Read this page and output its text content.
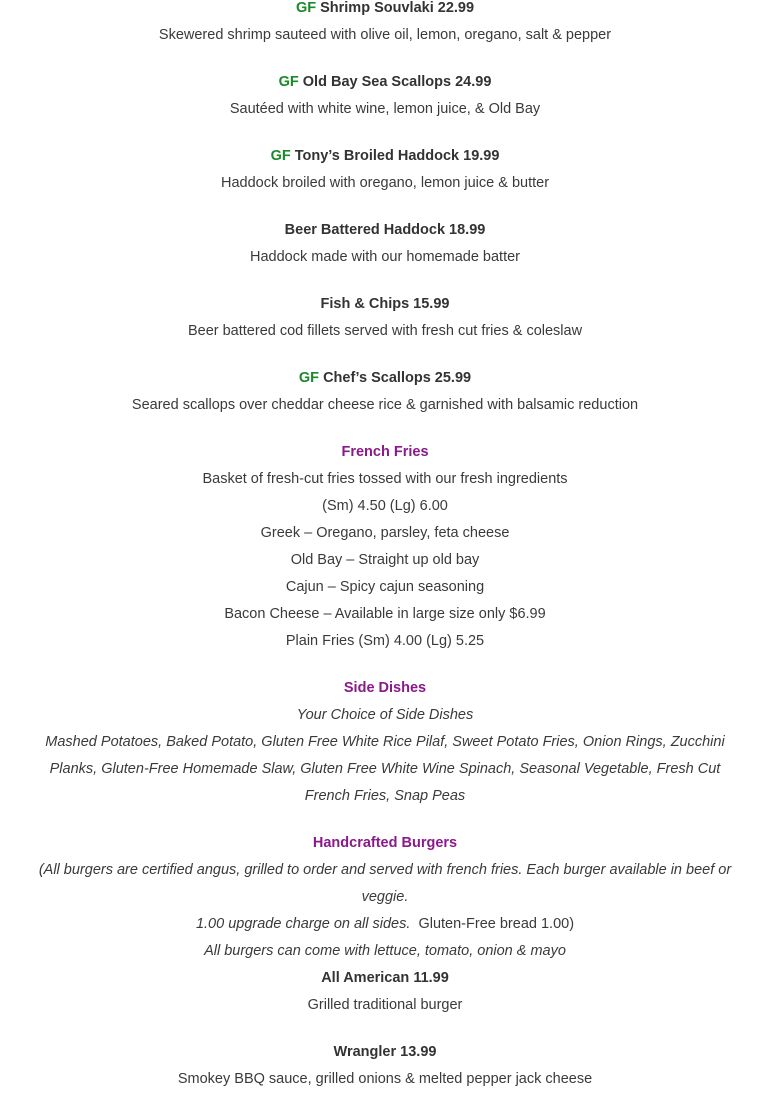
GF Shrimp Souvlaki 22.99
Skewered shrimp sauteed with olive oil, lemon, oregano, salt & pepper
GF Old Bay Sea Scallops 24.99
Sautéed with white wine, lemon juice, & Old Bay
GF Tony’s Broiled Haddock 19.99
Haddock broiled with oregano, lemon juice & butter
Beer Battered Haddock 18.99
Haddock made with our homemade batter
Fish & Chips 15.99
Beer battered cod fillets served with fresh cut fries & coleslaw
GF Chef’s Scallops 25.99
Seared scallops over cheddar cheese rice & garnished with balsamic reduction
French Fries
Basket of fresh-cut fries tossed with our fresh ingredients
(Sm) 4.50 (Lg) 6.00
Greek – Oregano, parsley, feta cheese
Old Bay – Straight up old bay
Cajun – Spicy cajun seasoning
Bacon Cheese – Available in large size only $6.99
Plain Fries (Sm) 4.00 (Lg) 5.25
Side Dishes
Your Choice of Side Dishes
Mashed Potatoes, Baked Potato, Gluten Free White Rice Pilaf, Sweet Potato Fries, Onion Rings, Zucchini Planks, Gluten-Free Homemade Slaw, Gluten Free White Wine Spinach, Seasonal Vegetable, Fresh Cut French Fries, Snap Peas
Handcrafted Burgers
(All burgers are certified angus, grilled to order and served with french fries. Each burger available in beef or veggie.
1.00 upgrade charge on all sides.  Gluten-Free bread 1.00)
All burgers can come with lettuce, tomato, onion & mayo
All American 11.99
Grilled traditional burger
Wrangler 13.99
Smokey BBQ sauce, grilled onions & melted pepper jack cheese
